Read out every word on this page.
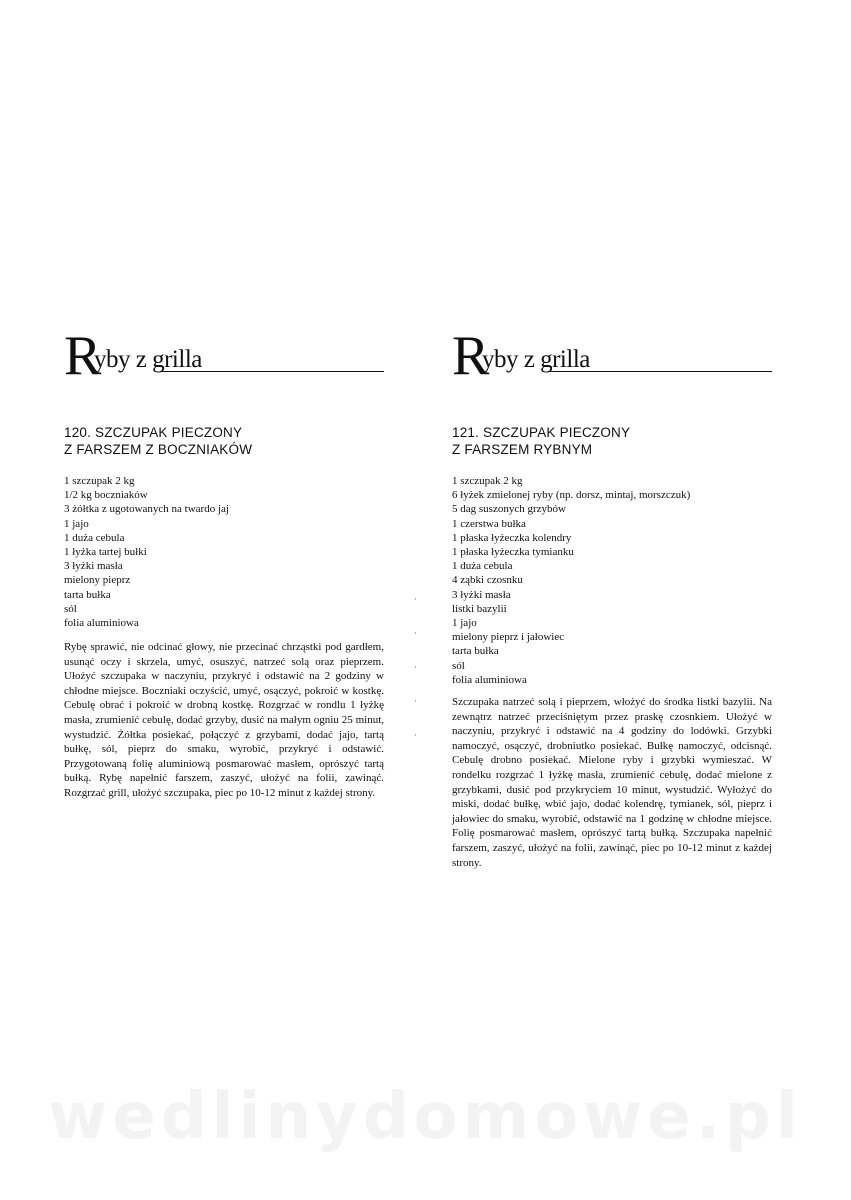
R
yby z grilla
120. SZCZUPAK PIECZONY
Z FARSZEM Z BOCZNIAKÓW
1 szczupak 2 kg
1/2 kg boczniaków
3 żółtka z ugotowanych na twardo jaj
1 jajo
1 duża cebula
1 łyżka tartej bułki
3 łyżki masła
mielony pieprz
tarta bułka
sól
folia aluminiowa

Rybę sprawić, nie odcinać głowy, nie przecinać chrząstki pod gardłem, usunąć oczy i skrzela, umyć, osuszyć, natrzeć solą oraz pieprzem. Ułożyć szczupaka w naczyniu, przykryć i odstawić na 2 godziny w chłodne miejsce. Boczniaki oczyścić, umyć, osączyć, pokroić w kostkę. Cebulę obrać i pokroić w drobną kostkę. Rozgrzać w rondlu 1 łyżkę masła, zrumienić cebulę, dodać grzyby, dusić na małym ogniu 25 minut, wystudzić. Żółtka posiekać, połączyć z grzybami, dodać jajo, tartą bułkę, sól, pieprz do smaku, wyrobić, przykryć i odstawić. Przygotowaną folię aluminiową posmarować masłem, oprószyć tartą bułką. Rybę napełnić farszem, zaszyć, ułożyć na folii, zawinąć. Rozgrzać grill, ułożyć szczupaka, piec po 10-12 minut z każdej strony.

·
·
·
·
·
R
yby z grilla
121. SZCZUPAK PIECZONY
Z FARSZEM RYBNYM
1 szczupak 2 kg
6 łyżek zmielonej ryby (np. dorsz, mintaj, morszczuk)
5 dag suszonych grzybów
1 czerstwa bułka
1 płaska łyżeczka kolendry
1 płaska łyżeczka tymianku
1 duża cebula
4 ząbki czosnku
3 łyżki masła
listki bazylii
1 jajo
mielony pieprz i jałowiec
tarta bułka
sól
folia aluminiowa

Szczupaka natrzeć solą i pieprzem, włożyć do środka listki bazylii. Na zewnątrz natrzeć przeciśniętym przez praskę czosnkiem. Ułożyć w naczyniu, przykryć i odstawić na 4 godziny do lodówki. Grzybki namoczyć, osączyć, drobniutko posiekać. Bułkę namoczyć, odcisnąć. Cebulę drobno posiekać. Mielone ryby i grzybki wymieszać. W rondelku rozgrzać 1 łyżkę masła, zrumienić cebulę, dodać mielone z grzybkami, dusić pod przykryciem 10 minut, wystudzić. Wyłożyć do miski, dodać bułkę, wbić jajo, dodać kolendrę, tymianek, sól, pieprz i jałowiec do smaku, wyrobić, odstawić na 1 godzinę w chłodne miejsce. Folię posmarować masłem, oprószyć tartą bułką. Szczupaka napełnić farszem, zaszyć, ułożyć na folii, zawinąć, piec po 10-12 minut z każdej strony.

wedlinydomowe.pl
